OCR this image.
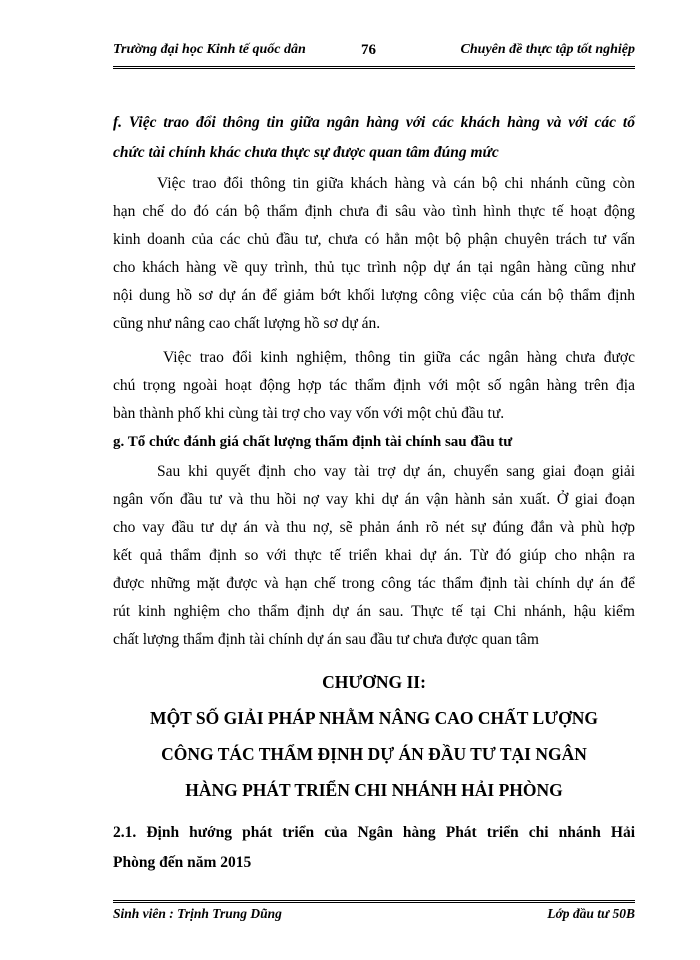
Trường đại học Kinh tế quốc dân	76	Chuyên đề thực tập tốt nghiệp

f. Việc trao đổi thông tin giữa ngân hàng với các khách hàng và với các tổ

chức tài chính khác chưa thực sự được quan tâm đúng mức

Việc trao đổi thông tin giữa khách hàng và cán bộ chi nhánh cũng còn

hạn chế do đó cán bộ thẩm định chưa đi sâu vào tình hình thực tế hoạt động

kinh doanh của các chủ đầu tư, chưa có hẳn một bộ phận chuyên trách tư vấn

cho khách hàng về quy trình, thủ tục trình nộp dự án tại ngân hàng cũng như

nội dung hồ sơ dự án để giảm bớt khối lượng công việc của cán bộ thẩm định

cũng như nâng cao chất lượng hồ sơ dự án.

Việc trao đổi kinh nghiệm, thông tin giữa các ngân hàng chưa được

chú trọng ngoài hoạt động hợp tác thẩm định với một số ngân hàng trên địa

bàn thành phố khi cùng tài trợ cho vay vốn với một chủ đầu tư.

g. Tổ chức đánh giá chất lượng thẩm định tài chính sau đầu tư

Sau khi quyết định cho vay tài trợ dự án, chuyển sang giai đoạn giải

ngân vốn đầu tư và thu hồi nợ vay khi dự án vận hành sản xuất. Ở giai đoạn

cho vay đầu tư dự án và thu nợ, sẽ phản ánh rõ nét sự đúng đắn và phù hợp

kết quả thẩm định so với thực tế triển khai dự án. Từ đó giúp cho nhận ra

được những mặt được và hạn chế trong công tác thẩm định tài chính dự án để

rút kinh nghiệm cho thẩm định dự án sau. Thực tế tại Chi nhánh, hậu kiểm

chất lượng thẩm định tài chính dự án sau đầu tư chưa được quan tâm

CHƯƠNG II:

MỘT SỐ GIẢI PHÁP NHẰM NÂNG CAO CHẤT LƯỢNG

CÔNG TÁC THẨM ĐỊNH DỰ ÁN ĐẦU TƯ TẠI NGÂN

HÀNG PHÁT TRIỂN CHI NHÁNH HẢI PHÒNG

2.1. Định hướng phát triển của Ngân hàng Phát triển chi nhánh Hải

Phòng đến năm 2015

Sinh viên : Trịnh Trung Dũng	Lớp đầu tư 50B
